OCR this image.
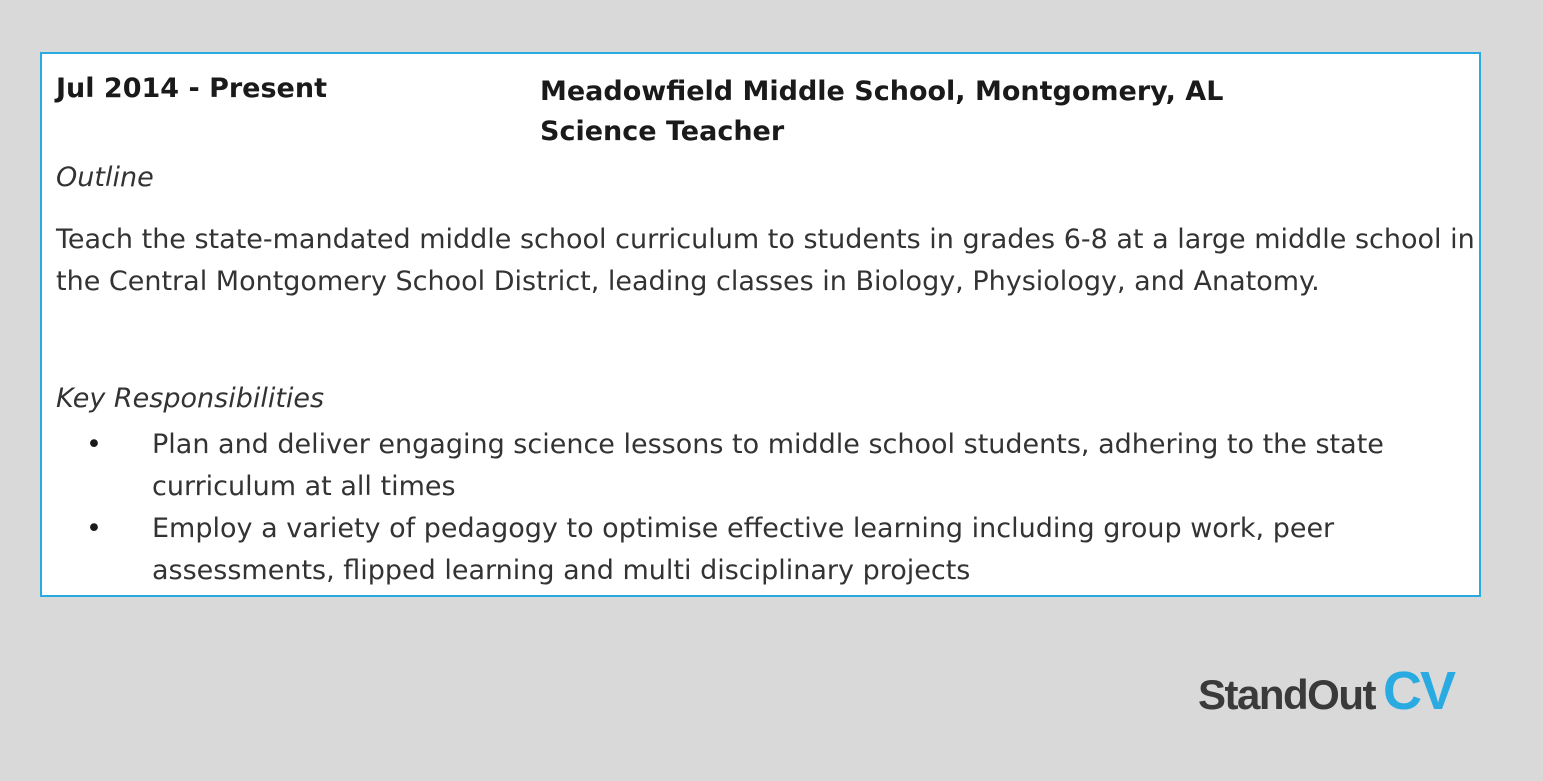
Jul 2014 - Present	Meadowfield Middle School, Montgomery, AL
Science Teacher
Outline

Teach the state-mandated middle school curriculum to students in grades 6-8 at a large middle school in the Central Montgomery School District, leading classes in Biology, Physiology, and Anatomy.

Key Responsibilities
• Plan and deliver engaging science lessons to middle school students, adhering to the state curriculum at all times
• Employ a variety of pedagogy to optimise effective learning including group work, peer assessments, flipped learning and multi disciplinary projects
StandOut CV
